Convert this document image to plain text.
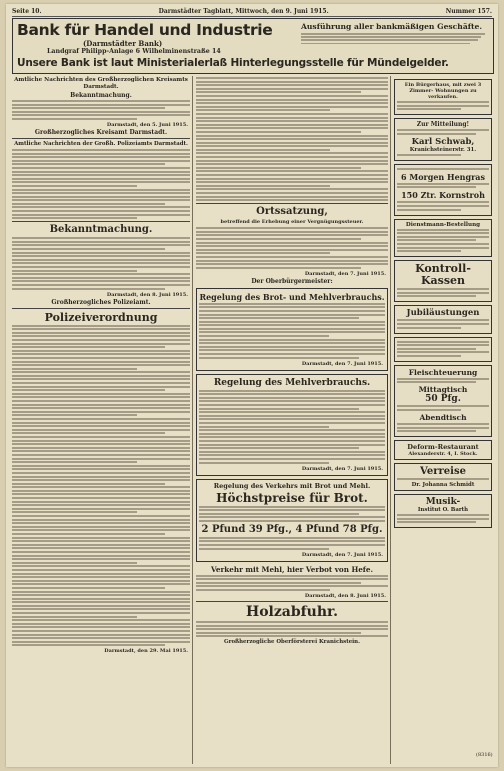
Seite 10.	Darmstädter Tagblatt, Mittwoch, den 9. Juni 1915.	Nummer 157.
Bank für Handel und Industrie
(Darmstädter Bank)
Landgraf Philipp-Anlage 6 Wilhelminenstraße 14
Ausführung aller bankmäßigen Geschäfte.
Unsere Bank ist laut Ministerialerlaß Hinterlegungsstelle für Mündelgelder.
Amtliche Nachrichten des Großherzoglichen Kreisamts Darmstadt.
Bekanntmachung.
Darmstadt, den 5. Juni 1915.
Großherzogliches Kreisamt Darmstadt.
Amtliche Nachrichten der Großh. Polizeiamts Darmstadt.
Bekanntmachung.
Darmstadt, den 8. Juni 1915.
Großherzogliches Polizeiamt.
Polizeiverordnung
Darmstadt, den 29. Mai 1915.
Ortssatzung,
betreffend die Erhebung einer Vergnügungssteuer.
Darmstadt, den 7. Juni 1915.
Der Oberbürgermeister:
Regelung des Brot- und Mehlverbrauchs.
Darmstadt, den 7. Juni 1915.
Regelung des Mehlverbrauchs.
Darmstadt, den 7. Juni 1915.
Regelung des Verkehrs mit Brot und Mehl.
Höchstpreise für Brot.
2 Pfund 39 Pfg., 4 Pfund 78 Pfg.
Darmstadt, den 7. Juni 1915.
Verkehr mit Mehl, hier Verbot von Hefe.
Darmstadt, den 8. Juni 1915.
Holzabfuhr.
Großherzogliche Oberförsterei Kranichstein.
Ein Bürgerhaus, mit zwei 3 Zimmer- Wohnungen zu verkaufen.
Zur Mitteilung!
Karl Schwab,
Kranichsteinerstr. 31.
6 Morgen Hengras
150 Ztr. Kornstroh
Dienstmann-Bestellung
Kontroll-Kassen
Jubiläustungen
Fleischteuerung
Mittagtisch
50 Pfg.
Abendtisch
Deform-Restaurant
Alexanderstr. 4, I. Stock.
Verreise
Dr. Johanna Schmidt
Musik-
Institut O. Barth
(8316)
